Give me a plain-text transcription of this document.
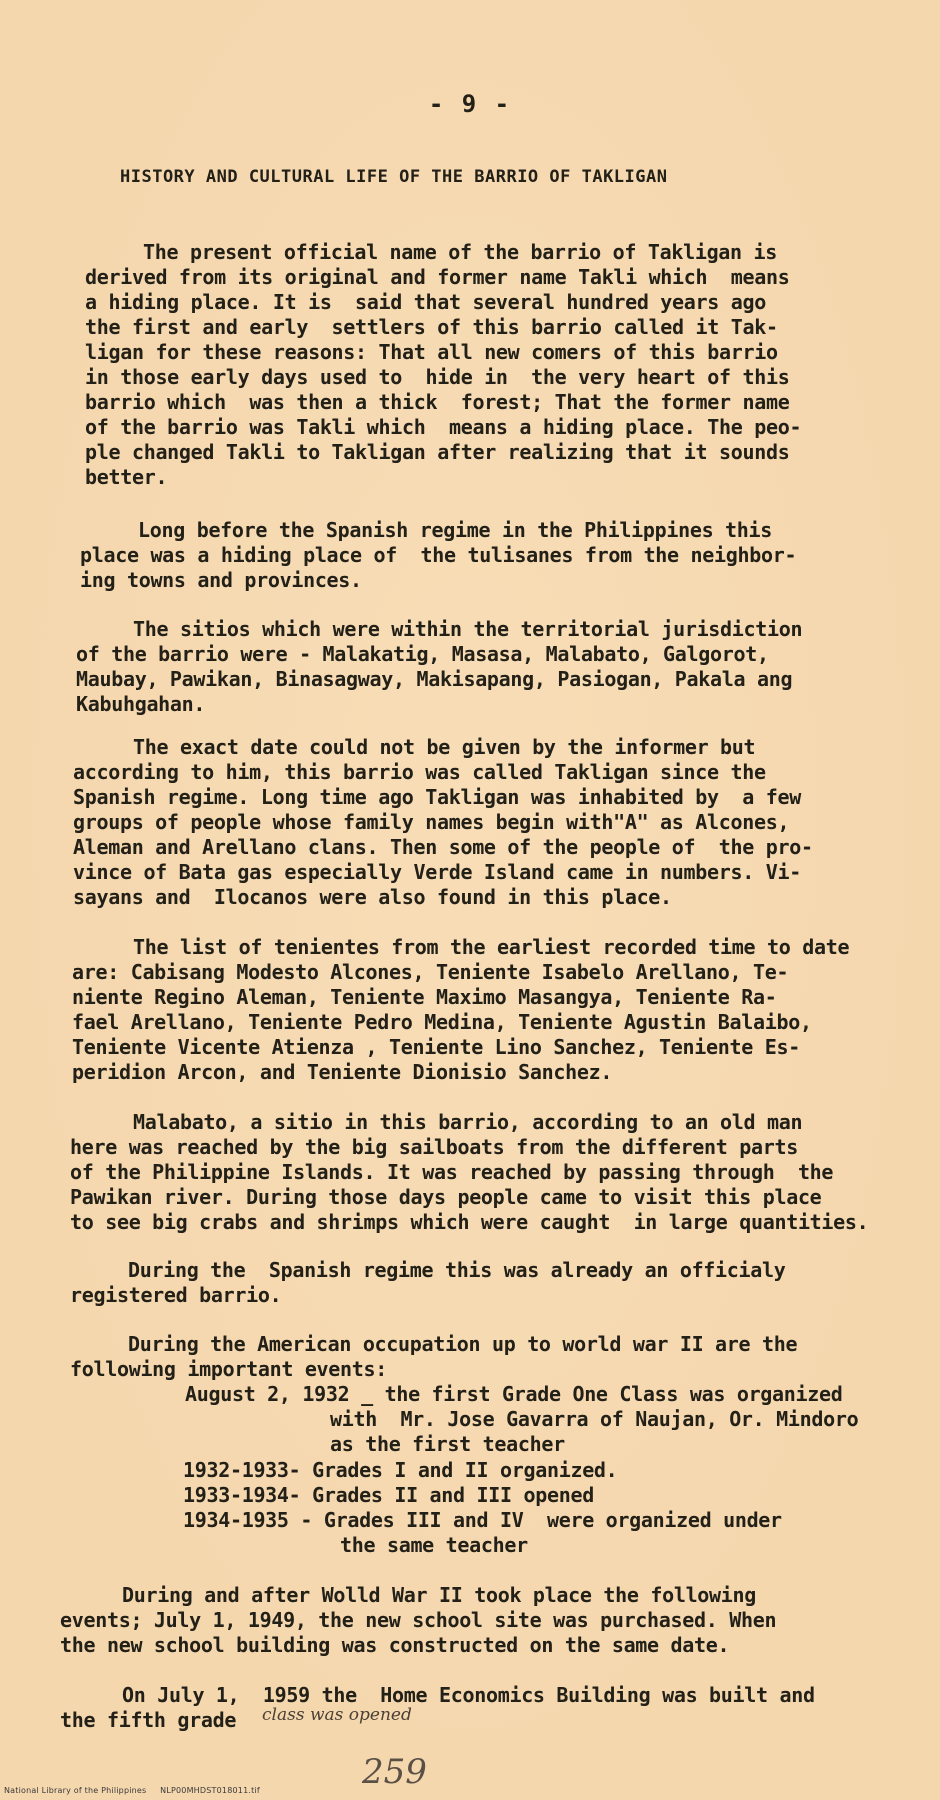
- 9 -
HISTORY AND CULTURAL LIFE OF THE BARRIO OF TAKLIGAN
The present official name of the barrio of Takligan is
derived from its original and former name Takli which  means
a hiding place. It is  said that several hundred years ago
the first and early  settlers of this barrio called it Tak-
ligan for these reasons: That all new comers of this barrio
in those early days used to  hide in  the very heart of this
barrio which  was then a thick  forest; That the former name
of the barrio was Takli which  means a hiding place. The peo-
ple changed Takli to Takligan after realizing that it sounds
better.
Long before the Spanish regime in the Philippines this
place was a hiding place of  the tulisanes from the neighbor-
ing towns and provinces.
The sitios which were within the territorial jurisdiction
of the barrio were - Malakatig, Masasa, Malabato, Galgorot,
Maubay, Pawikan, Binasagway, Makisapang, Pasiogan, Pakala ang
Kabuhgahan.
The exact date could not be given by the informer but
according to him, this barrio was called Takligan since the
Spanish regime. Long time ago Takligan was inhabited by  a few
groups of people whose family names begin with"A" as Alcones,
Aleman and Arellano clans. Then some of the people of  the pro-
vince of Bata gas especially Verde Island came in numbers. Vi-
sayans and  Ilocanos were also found in this place.
The list of tenientes from the earliest recorded time to date
are: Cabisang Modesto Alcones, Teniente Isabelo Arellano, Te-
niente Regino Aleman, Teniente Maximo Masangya, Teniente Ra-
fael Arellano, Teniente Pedro Medina, Teniente Agustin Balaibo,
Teniente Vicente Atienza , Teniente Lino Sanchez, Teniente Es-
peridion Arcon, and Teniente Dionisio Sanchez.
Malabato, a sitio in this barrio, according to an old man
here was reached by the big sailboats from the different parts
of the Philippine Islands. It was reached by passing through  the
Pawikan river. During those days people came to visit this place
to see big crabs and shrimps which were caught  in large quantities.
During the  Spanish regime this was already an officialy
registered barrio.
During the American occupation up to world war II are the
following important events:
August 2, 1932 _ the first Grade One Class was organized
with  Mr. Jose Gavarra of Naujan, Or. Mindoro
as the first teacher
1932-1933- Grades I and II organized.
1933-1934- Grades II and III opened
1934-1935 - Grades III and IV  were organized under
the same teacher
During and after Wolld War II took place the following
events; July 1, 1949, the new school site was purchased. When
the new school building was constructed on the same date.
On July 1,  1959 the  Home Economics Building was built and
the fifth grade class was opened
259
National Library of the Philippines     NLP00MHDST018011.tif
